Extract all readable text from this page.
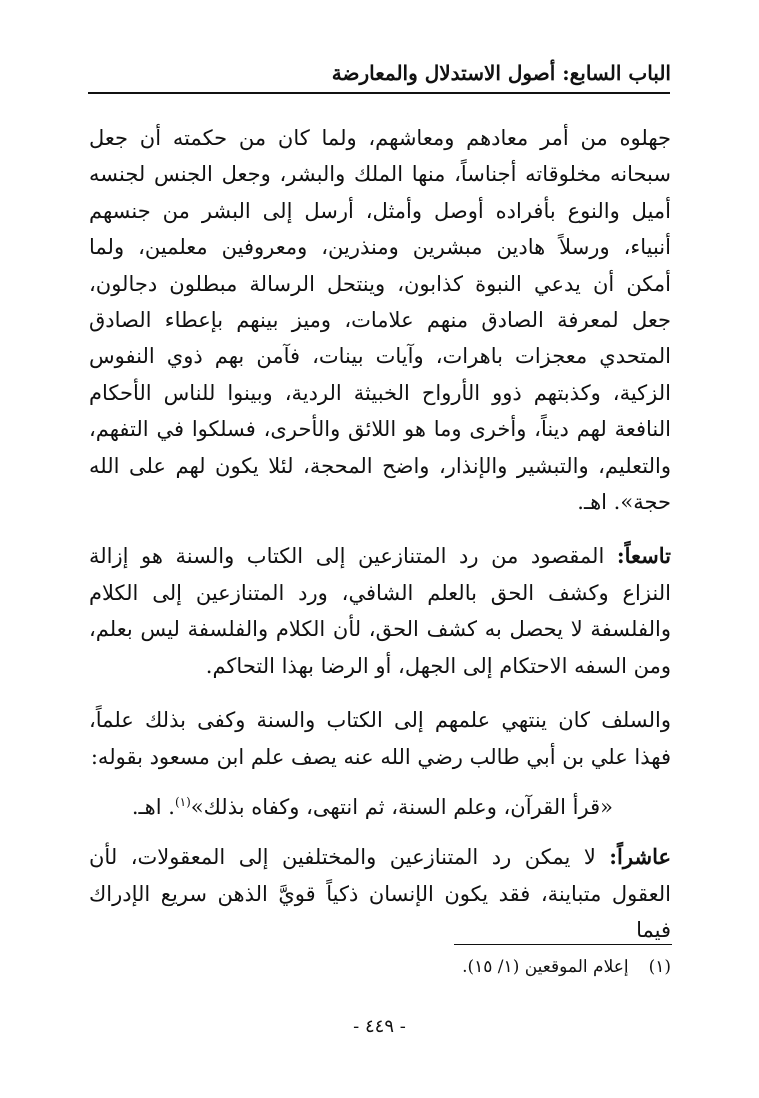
الباب السابع: أصول الاستدلال والمعارضة

جهلوه من أمر معادهم ومعاشهم، ولما كان من حكمته أن جعل سبحانه مخلوقاته أجناساً، منها الملك والبشر، وجعل الجنس لجنسه أميل والنوع بأفراده أوصل وأمثل، أرسل إلى البشر من جنسهم أنبياء، ورسلاً هادين مبشرين ومنذرين، ومعروفين معلمين، ولما أمكن أن يدعي النبوة كذابون، وينتحل الرسالة مبطلون دجالون، جعل لمعرفة الصادق منهم علامات، وميز بينهم بإعطاء الصادق المتحدي معجزات باهرات، وآيات بينات، فآمن بهم ذوي النفوس الزكية، وكذبتهم ذوو الأرواح الخبيثة الردية، وبينوا للناس الأحكام النافعة لهم ديناً، وأخرى وما هو اللائق والأحرى، فسلكوا في التفهم، والتعليم، والتبشير والإنذار، واضح المحجة، لئلا يكون لهم على الله حجة». اهـ.

تاسعاً: المقصود من رد المتنازعين إلى الكتاب والسنة هو إزالة النزاع وكشف الحق بالعلم الشافي، ورد المتنازعين إلى الكلام والفلسفة لا يحصل به كشف الحق، لأن الكلام والفلسفة ليس بعلم، ومن السفه الاحتكام إلى الجهل، أو الرضا بهذا التحاكم.

والسلف كان ينتهي علمهم إلى الكتاب والسنة وكفى بذلك علماً، فهذا علي بن أبي طالب رضي الله عنه يصف علم ابن مسعود بقوله:

«قرأ القرآن، وعلم السنة، ثم انتهى، وكفاه بذلك»$^{(١)}$. اهـ.

عاشراً: لا يمكن رد المتنازعين والمختلفين إلى المعقولات، لأن العقول متباينة، فقد يكون الإنسان ذكياً قويَّ الذهن سريع الإدراك فيما

(١)إعلام الموقعين (١/ ١٥).
- ٤٤٩ -
